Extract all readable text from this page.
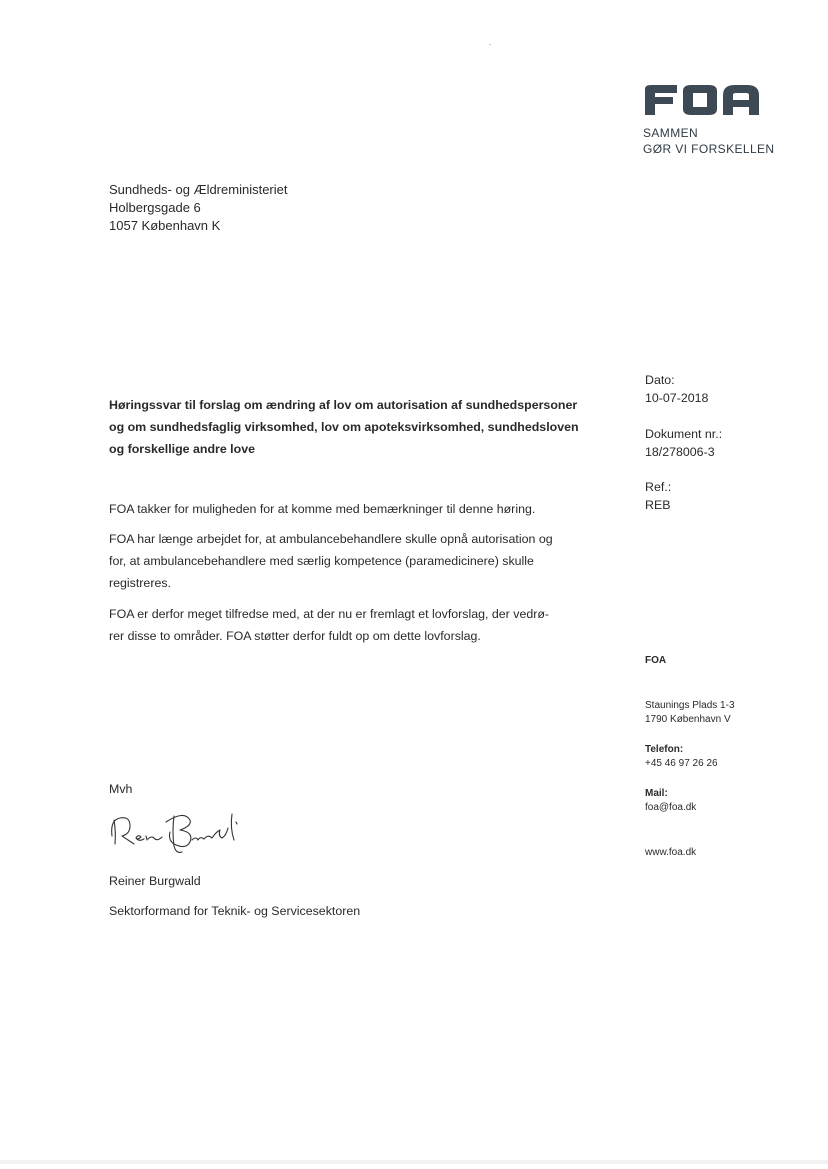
SAMMEN
GØR VI FORSKELLEN
Sundheds- og Ældreministeriet
Holbergsgade 6
1057 København K
Dato:
10-07-2018
Dokument nr.:
18/278006-3
Ref.:
REB
Høringssvar til forslag om ændring af lov om autorisation af sundhedspersoner
og om sundhedsfaglig virksomhed, lov om apoteksvirksomhed, sundhedsloven
og forskellige andre love
FOA takker for muligheden for at komme med bemærkninger til denne høring.
FOA har længe arbejdet for, at ambulancebehandlere skulle opnå autorisation og
for, at ambulancebehandlere med særlig kompetence (paramedicinere) skulle
registreres.
FOA er derfor meget tilfredse med, at der nu er fremlagt et lovforslag, der vedrø-
rer disse to områder. FOA støtter derfor fuldt op om dette lovforslag.
FOA
Staunings Plads 1-3
1790 København V
Telefon:
+45 46 97 26 26
Mail:
foa@foa.dk
www.foa.dk
Mvh
Reiner Burgwald
Sektorformand for Teknik- og Servicesektoren
